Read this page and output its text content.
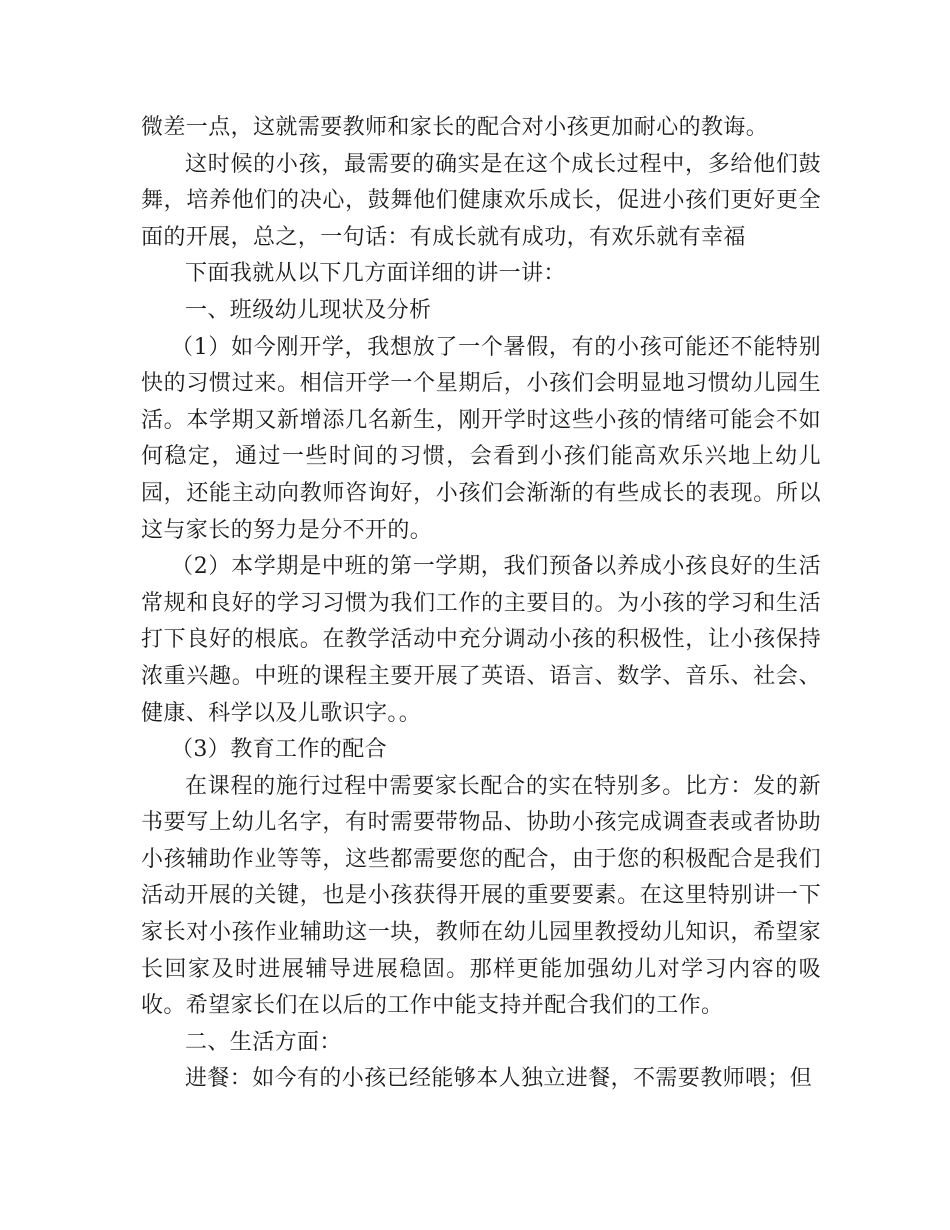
微差一点，这就需要教师和家长的配合对小孩更加耐心的教诲。

这时候的小孩，最需要的确实是在这个成长过程中，多给他们鼓舞，培养他们的决心，鼓舞他们健康欢乐成长，促进小孩们更好更全面的开展，总之，一句话：有成长就有成功，有欢乐就有幸福

下面我就从以下几方面详细的讲一讲：

一、班级幼儿现状及分析

（1）如今刚开学，我想放了一个暑假，有的小孩可能还不能特别快的习惯过来。相信开学一个星期后，小孩们会明显地习惯幼儿园生活。本学期又新增添几名新生，刚开学时这些小孩的情绪可能会不如何稳定，通过一些时间的习惯，会看到小孩们能高欢乐兴地上幼儿园，还能主动向教师咨询好，小孩们会渐渐的有些成长的表现。所以这与家长的努力是分不开的。

（2）本学期是中班的第一学期，我们预备以养成小孩良好的生活常规和良好的学习习惯为我们工作的主要目的。为小孩的学习和生活打下良好的根底。在教学活动中充分调动小孩的积极性，让小孩保持浓重兴趣。中班的课程主要开展了英语、语言、数学、音乐、社会、健康、科学以及儿歌识字。。

（3）教育工作的配合

在课程的施行过程中需要家长配合的实在特别多。比方：发的新书要写上幼儿名字，有时需要带物品、协助小孩完成调查表或者协助小孩辅助作业等等，这些都需要您的配合，由于您的积极配合是我们活动开展的关键，也是小孩获得开展的重要要素。在这里特别讲一下家长对小孩作业辅助这一块，教师在幼儿园里教授幼儿知识，希望家长回家及时进展辅导进展稳固。那样更能加强幼儿对学习内容的吸收。希望家长们在以后的工作中能支持并配合我们的工作。

二、生活方面：

进餐：如今有的小孩已经能够本人独立进餐，不需要教师喂；但
